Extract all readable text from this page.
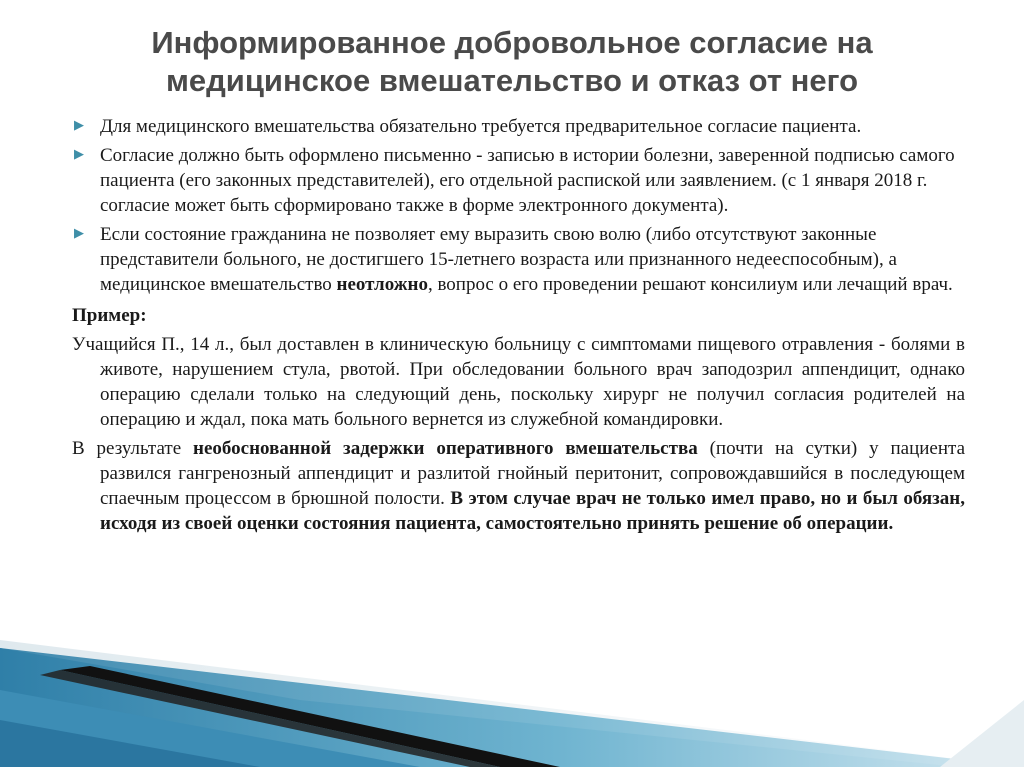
Информированное добровольное согласие на
медицинское вмешательство и отказ от него
▶ Для медицинского вмешательства обязательно требуется предварительное согласие пациента.
▶ Согласие должно быть оформлено письменно - записью в истории болезни, заверенной подписью самого пациента (его законных представителей), его отдельной распиской или заявлением. (с 1 января 2018 г. согласие может быть сформировано также в форме электронного документа).
▶ Если состояние гражданина не позволяет ему выразить свою волю (либо отсутствуют законные представители больного, не достигшего 15-летнего возраста или признанного недееспособным), а медицинское вмешательство неотложно, вопрос о его проведении решают консилиум или лечащий врач.
Пример:
Учащийся П., 14 л., был доставлен в клиническую больницу с симптомами пищевого отравления - болями в животе, нарушением стула, рвотой. При обследовании больного врач заподозрил аппендицит, однако операцию сделали только на следующий день, поскольку хирург не получил согласия родителей на операцию и ждал, пока мать больного вернется из служебной командировки.
В результате необоснованной задержки оперативного вмешательства (почти на сутки) у пациента развился гангренозный аппендицит и разлитой гнойный перитонит, сопровождавшийся в последующем спаечным процессом в брюшной полости. В этом случае врач не только имел право, но и был обязан, исходя из своей оценки состояния пациента, самостоятельно принять решение об операции.
